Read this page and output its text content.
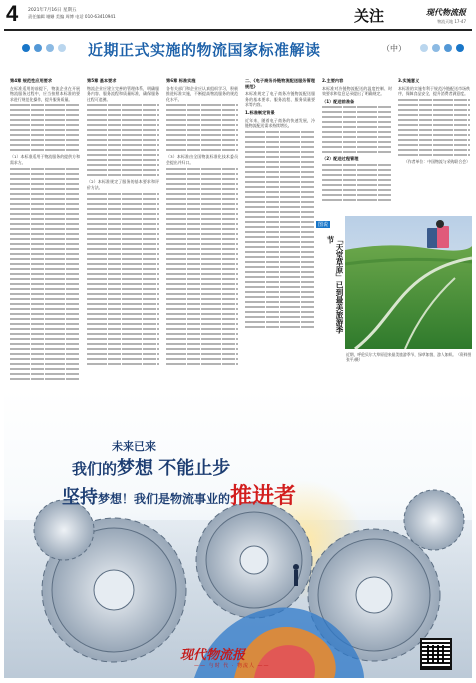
4 2021年7月16日 星期五
责任编辑 谢姗 美编 周博 电话 010-63410941	关注	现代物流报
物流天地 17-47
近期正式实施的物流国家标准解读	（中）

第4章 规范性应用要求

在标准适用的前提下，物流企业在开展物流服务过程中，应当按照本标准的要求进行规范化操作，提升服务质量。

（1）本标准适用于物流服务的提供方和需求方。

第5章 基本要求

物流企业应建立完善的管理体系，明确服务内容、服务流程和质量标准，确保服务过程可追溯。

（2）本标准规定了服务的基本要求和评价方法。

第6章 标准实施

各有关部门和企业应认真组织学习，积极推进标准实施，不断提高物流服务的规范化水平。

（3）本标准由全国物流标准化技术委员会提出并归口。

二、《电子商务冷链物流配送服务管理规范》

本标准规定了电子商务冷链物流配送服务的基本要求、服务流程、服务质量要求等内容。

1.标准制定背景

近年来，随着电子商务的快速发展，冷链物流配送需求持续增长。

2.主要内容

本标准对冷链物流配送的温度控制、时效要求和信息记录提出了明确规定。

（1）配送前准备

（2）配送过程管理

3.实施意义

本标准的实施有利于规范冷链配送市场秩序，保障食品安全，提升消费者满意度。

（作者单位：中国物流与采购联合会）

图说
「天堂草原」已到最美旅游季节
近期，呼伦贝尔大草原迎来最美旅游季节，绿草如茵，游人如织。（资料图 张平/摄）
未来已来
我们的梦想 不能止步
坚持梦想！我们是物流事业的推进者
现代物流报
—— 与时 代 · 物流人 ——
